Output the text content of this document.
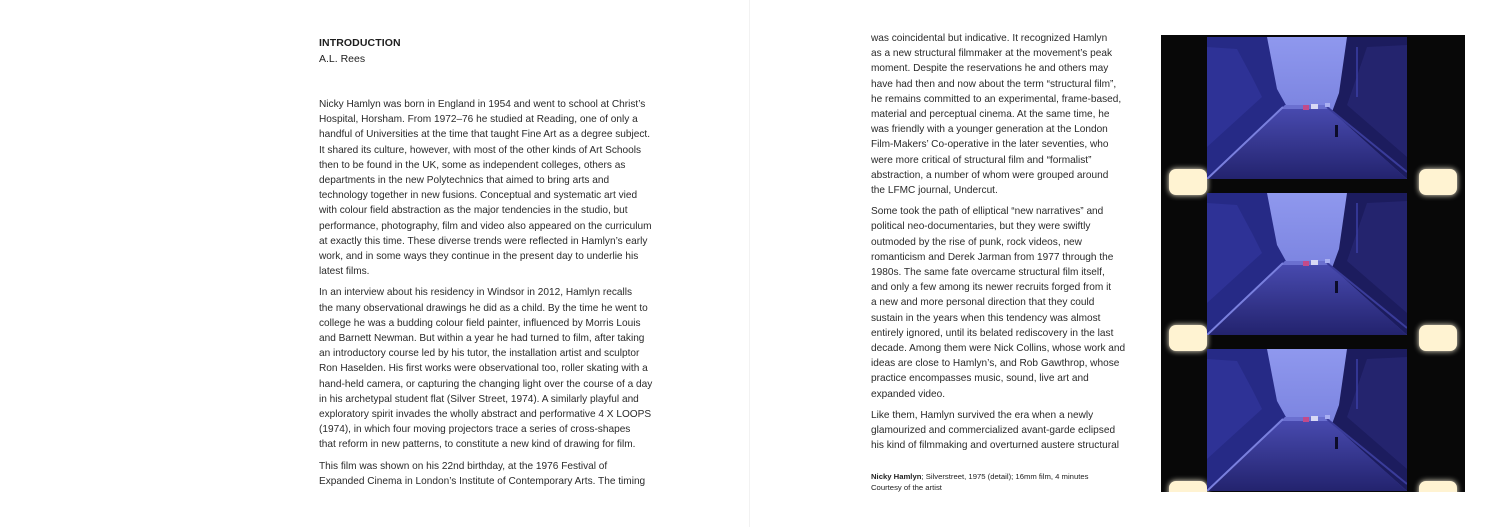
INTRODUCTION
A.L. Rees

Nicky Hamlyn was born in England in 1954 and went to school at Christ’s
Hospital, Horsham. From 1972–76 he studied at Reading, one of only a
handful of Universities at the time that taught Fine Art as a degree subject.
It shared its culture, however, with most of the other kinds of Art Schools
then to be found in the UK, some as independent colleges, others as
departments in the new Polytechnics that aimed to bring arts and
technology together in new fusions. Conceptual and systematic art vied
with colour field abstraction as the major tendencies in the studio, but
performance, photography, film and video also appeared on the curriculum
at exactly this time. These diverse trends were reflected in Hamlyn’s early
work, and in some ways they continue in the present day to underlie his
latest films.

In an interview about his residency in Windsor in 2012, Hamlyn recalls
the many observational drawings he did as a child. By the time he went to
college he was a budding colour field painter, influenced by Morris Louis
and Barnett Newman. But within a year he had turned to film, after taking
an introductory course led by his tutor, the installation artist and sculptor
Ron Haselden. His first works were observational too, roller skating with a
hand-held camera, or capturing the changing light over the course of a day
in his archetypal student flat (Silver Street, 1974). A similarly playful and
exploratory spirit invades the wholly abstract and performative 4 X LOOPS
(1974), in which four moving projectors trace a series of cross-shapes
that reform in new patterns, to constitute a new kind of drawing for film.

This film was shown on his 22nd birthday, at the 1976 Festival of
Expanded Cinema in London’s Institute of Contemporary Arts. The timing

was coincidental but indicative. It recognized Hamlyn
as a new structural filmmaker at the movement’s peak
moment. Despite the reservations he and others may
have had then and now about the term “structural film”,
he remains committed to an experimental, frame-based,
material and perceptual cinema. At the same time, he
was friendly with a younger generation at the London
Film-Makers’ Co-operative in the later seventies, who
were more critical of structural film and “formalist”
abstraction, a number of whom were grouped around
the LFMC journal, Undercut.

Some took the path of elliptical “new narratives” and
political neo-documentaries, but they were swiftly
outmoded by the rise of punk, rock videos, new
romanticism and Derek Jarman from 1977 through the
1980s. The same fate overcame structural film itself,
and only a few among its newer recruits forged from it
a new and more personal direction that they could
sustain in the years when this tendency was almost
entirely ignored, until its belated rediscovery in the last
decade. Among them were Nick Collins, whose work and
ideas are close to Hamlyn’s, and Rob Gawthrop, whose
practice encompasses music, sound, live art and
expanded video.

Like them, Hamlyn survived the era when a newly
glamourized and commercialized avant-garde eclipsed
his kind of filmmaking and overturned austere structural

Nicky Hamlyn; Silverstreet, 1975 (detail); 16mm film, 4 minutes
Courtesy of the artist
